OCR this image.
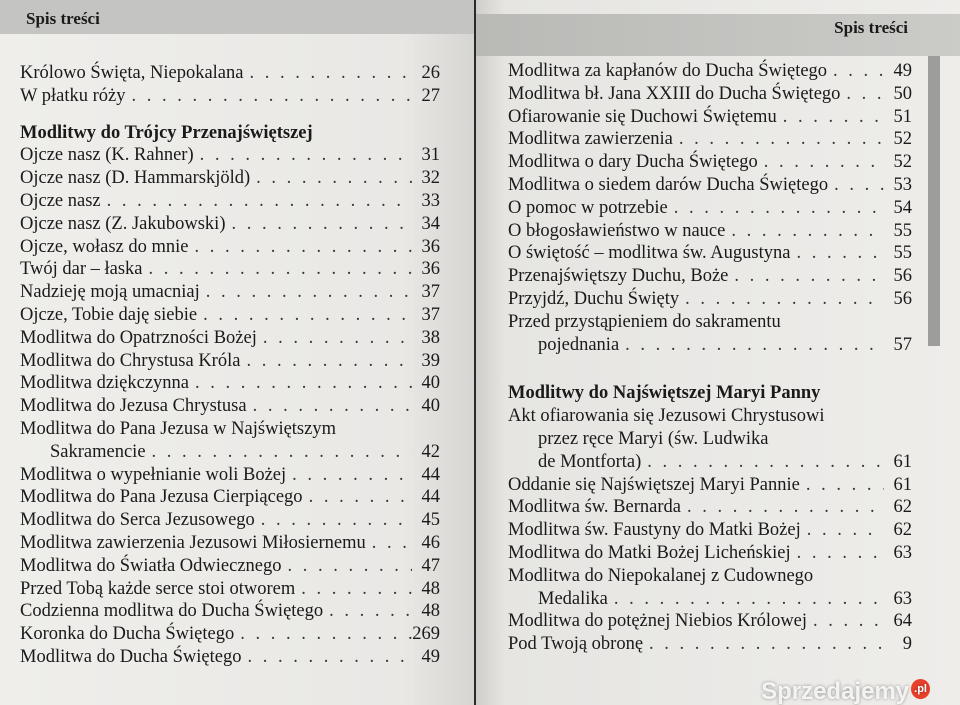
Spis treści
Królowo Święta, Niepokalana . . .	26
W płatku róży . . .	27
Modlitwy do Trójcy Przenajświętszej
Ojcze nasz (K. Rahner) . . .	31
Ojcze nasz (D. Hammarskjöld) . . .	32
Ojcze nasz . . .	33
Ojcze nasz (Z. Jakubowski) . . .	34
Ojcze, wołasz do mnie . . .	36
Twój dar – łaska . . .	36
Nadzieję moją umacniaj . . .	37
Ojcze, Tobie daję siebie . . .	37
Modlitwa do Opatrzności Bożej . . .	38
Modlitwa do Chrystusa Króla . . .	39
Modlitwa dziękczynna . . .	40
Modlitwa do Jezusa Chrystusa . . .	40
Modlitwa do Pana Jezusa w Najświętszym
Sakramencie . . .	42
Modlitwa o wypełnianie woli Bożej . . .	44
Modlitwa do Pana Jezusa Cierpiącego . . .	44
Modlitwa do Serca Jezusowego . . .	45
Modlitwa zawierzenia Jezusowi Miłosiernemu . . .	46
Modlitwa do Światła Odwiecznego . . .	47
Przed Tobą każde serce stoi otworem . . .	48
Codzienna modlitwa do Ducha Świętego . . .	48
Koronka do Ducha Świętego . . .	269
Modlitwa do Ducha Świętego . . .	49
Spis treści
Modlitwa za kapłanów do Ducha Świętego . . .	49
Modlitwa bł. Jana XXIII do Ducha Świętego . . .	50
Ofiarowanie się Duchowi Świętemu . . .	51
Modlitwa zawierzenia . . .	52
Modlitwa o dary Ducha Świętego . . .	52
Modlitwa o siedem darów Ducha Świętego . . .	53
O pomoc w potrzebie . . .	54
O błogosławieństwo w nauce . . .	55
O świętość – modlitwa św. Augustyna . . .	55
Przenajświętszy Duchu, Boże . . .	56
Przyjdź, Duchu Święty . . .	56
Przed przystąpieniem do sakramentu
pojednania . . .	57
Modlitwy do Najświętszej Maryi Panny
Akt ofiarowania się Jezusowi Chrystusowi
przez ręce Maryi (św. Ludwika
de Montforta) . . .	61
Oddanie się Najświętszej Maryi Pannie . . .	61
Modlitwa św. Bernarda . . .	62
Modlitwa św. Faustyny do Matki Bożej . . .	62
Modlitwa do Matki Bożej Licheńskiej . . .	63
Modlitwa do Niepokalanej z Cudownego
Medalika . . .	63
Modlitwa do potężnej Niebios Królowej . . .	64
Pod Twoją obronę . . .	9
Sprzedajemy .pl
